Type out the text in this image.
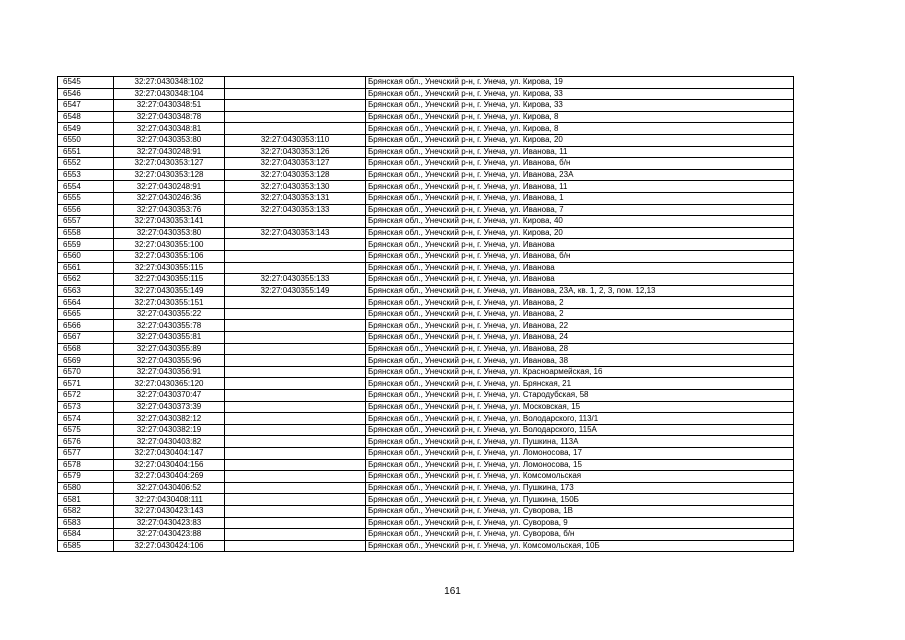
6545	32:27:0430348:102		Брянская обл., Унечский р-н, г. Унеча, ул. Кирова, 19
6546	32:27:0430348:104		Брянская обл., Унечский р-н, г. Унеча, ул. Кирова, 33
6547	32:27:0430348:51		Брянская обл., Унечский р-н, г. Унеча, ул. Кирова, 33
6548	32:27:0430348:78		Брянская обл., Унечский р-н, г. Унеча, ул. Кирова, 8
6549	32:27:0430348:81		Брянская обл., Унечский р-н, г. Унеча, ул. Кирова, 8
6550	32:27:0430353:80	32:27:0430353:110	Брянская обл., Унечский р-н, г. Унеча, ул. Кирова, 20
6551	32:27:0430248:91	32:27:0430353:126	Брянская обл., Унечский р-н, г. Унеча, ул. Иванова, 11
6552	32:27:0430353:127	32:27:0430353:127	Брянская обл., Унечский р-н, г. Унеча, ул. Иванова, б/н
6553	32:27:0430353:128	32:27:0430353:128	Брянская обл., Унечский р-н, г. Унеча, ул. Иванова, 23А
6554	32:27:0430248:91	32:27:0430353:130	Брянская обл., Унечский р-н, г. Унеча, ул. Иванова, 11
6555	32:27:0430246:36	32:27:0430353:131	Брянская обл., Унечский р-н, г. Унеча, ул. Иванова, 1
6556	32:27:0430353:76	32:27:0430353:133	Брянская обл., Унечский р-н, г. Унеча, ул. Иванова, 7
6557	32:27:0430353:141		Брянская обл., Унечский р-н, г. Унеча, ул. Кирова, 40
6558	32:27:0430353:80	32:27:0430353:143	Брянская обл., Унечский р-н, г. Унеча, ул. Кирова, 20
6559	32:27:0430355:100		Брянская обл., Унечский р-н, г. Унеча, ул. Иванова
6560	32:27:0430355:106		Брянская обл., Унечский р-н, г. Унеча, ул. Иванова, б/н
6561	32:27:0430355:115		Брянская обл., Унечский р-н, г. Унеча, ул. Иванова
6562	32:27:0430355:115	32:27:0430355:133	Брянская обл., Унечский р-н, г. Унеча, ул. Иванова
6563	32:27:0430355:149	32:27:0430355:149	Брянская обл., Унечский р-н, г. Унеча, ул. Иванова, 23А, кв. 1, 2, 3, пом. 12,13
6564	32:27:0430355:151		Брянская обл., Унечский р-н, г. Унеча, ул. Иванова, 2
6565	32:27:0430355:22		Брянская обл., Унечский р-н, г. Унеча, ул. Иванова, 2
6566	32:27:0430355:78		Брянская обл., Унечский р-н, г. Унеча, ул. Иванова, 22
6567	32:27:0430355:81		Брянская обл., Унечский р-н, г. Унеча, ул. Иванова, 24
6568	32:27:0430355:89		Брянская обл., Унечский р-н, г. Унеча, ул. Иванова, 28
6569	32:27:0430355:96		Брянская обл., Унечский р-н, г. Унеча, ул. Иванова, 38
6570	32:27:0430356:91		Брянская обл., Унечский р-н, г. Унеча, ул. Красноармейская, 16
6571	32:27:0430365:120		Брянская обл., Унечский р-н, г. Унеча, ул. Брянская, 21
6572	32:27:0430370:47		Брянская обл., Унечский р-н, г. Унеча, ул. Стародубская, 58
6573	32:27:0430373:39		Брянская обл., Унечский р-н, г. Унеча, ул. Московская, 15
6574	32:27:0430382:12		Брянская обл., Унечский р-н, г. Унеча, ул. Володарского, 113/1
6575	32:27:0430382:19		Брянская обл., Унечский р-н, г. Унеча, ул. Володарского, 115А
6576	32:27:0430403:82		Брянская обл., Унечский р-н, г. Унеча, ул. Пушкина, 113А
6577	32:27:0430404:147		Брянская обл., Унечский р-н, г. Унеча, ул. Ломоносова, 17
6578	32:27:0430404:156		Брянская обл., Унечский р-н, г. Унеча, ул. Ломоносова, 15
6579	32:27:0430404:269		Брянская обл., Унечский р-н, г. Унеча, ул. Комсомольская
6580	32:27:0430406:52		Брянская обл., Унечский р-н, г. Унеча, ул. Пушкина, 173
6581	32:27:0430408:111		Брянская обл., Унечский р-н, г. Унеча, ул. Пушкина, 150Б
6582	32:27:0430423:143		Брянская обл., Унечский р-н, г. Унеча, ул. Суворова, 1В
6583	32:27:0430423:83		Брянская обл., Унечский р-н, г. Унеча, ул. Суворова, 9
6584	32:27:0430423:88		Брянская обл., Унечский р-н, г. Унеча, ул. Суворова, б/н
6585	32:27:0430424:106		Брянская обл., Унечский р-н, г. Унеча, ул. Комсомольская, 10Б
161
